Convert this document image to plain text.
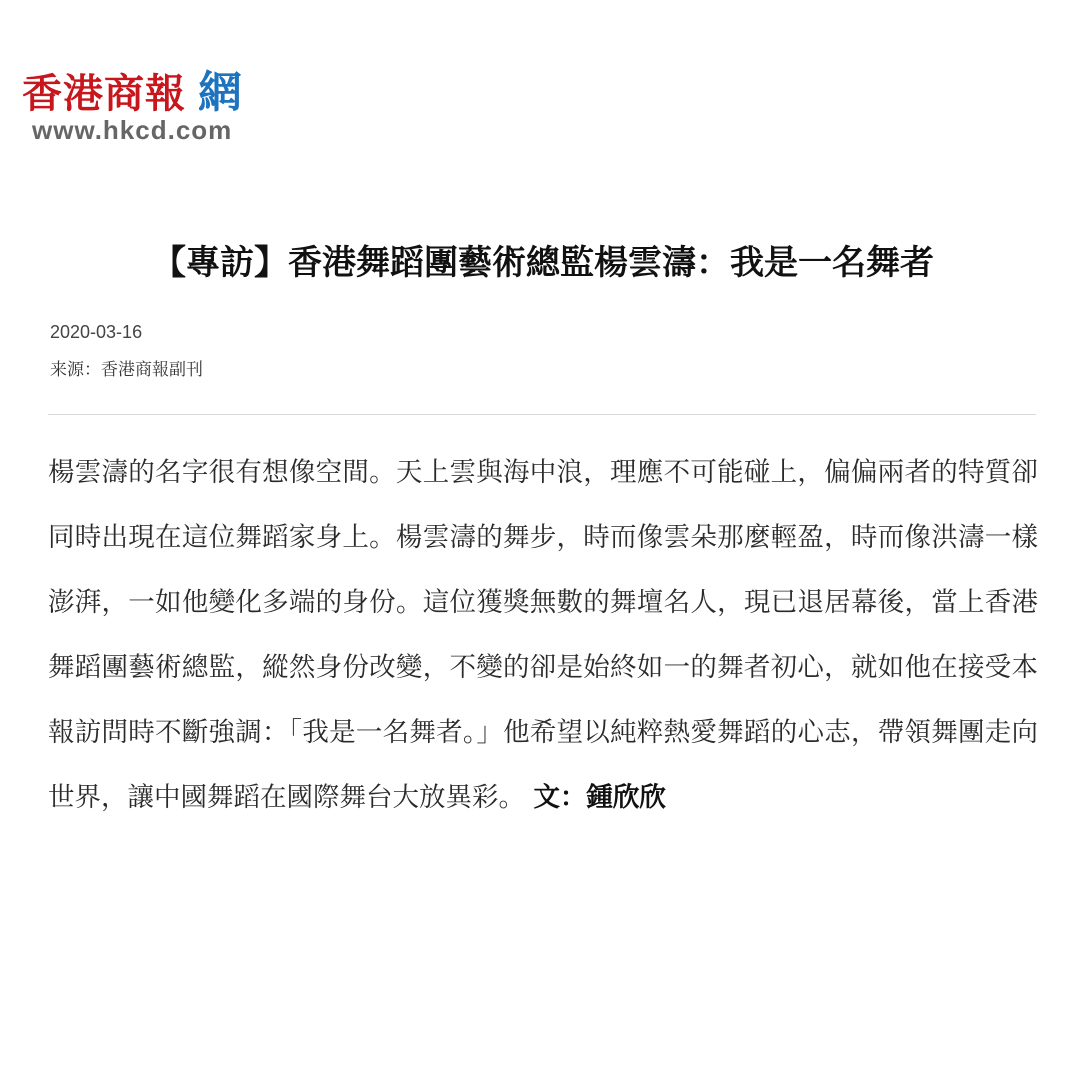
香港商報 網
www.hkcd.com
【專訪】香港舞蹈團藝術總監楊雲濤：我是一名舞者
2020-03-16
来源：香港商報副刊

楊雲濤的名字很有想像空間。天上雲與海中浪，理應不可能碰上，偏偏兩者的特質卻同時出現在這位舞蹈家身上。楊雲濤的舞步，時而像雲朵那麼輕盈，時而像洪濤一樣澎湃，一如他變化多端的身份。這位獲獎無數的舞壇名人，現已退居幕後，當上香港舞蹈團藝術總監，縱然身份改變，不變的卻是始終如一的舞者初心，就如他在接受本報訪問時不斷強調：「我是一名舞者。」他希望以純粹熱愛舞蹈的心志，帶領舞團走向世界，讓中國舞蹈在國際舞台大放異彩。 文：鍾欣欣
